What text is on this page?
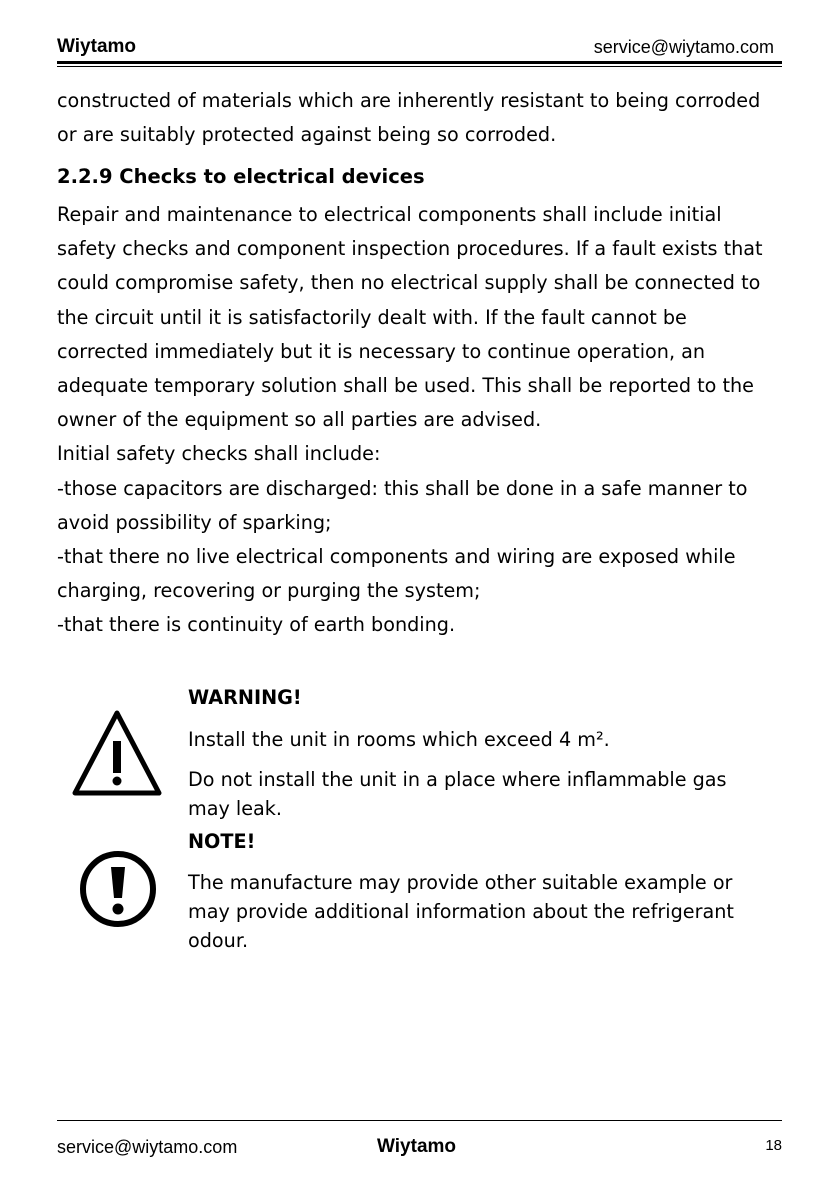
Wiytamo	service@wiytamo.com

constructed of materials which are inherently resistant to being corroded

or are suitably protected against being so corroded.

2.2.9 Checks to electrical devices

Repair and maintenance to electrical components shall include initial

safety checks and component inspection procedures. If a fault exists that

could compromise safety, then no electrical supply shall be connected to

the circuit until it is satisfactorily dealt with. If the fault cannot be

corrected immediately but it is necessary to continue operation, an

adequate temporary solution shall be used. This shall be reported to the

owner of the equipment so all parties are advised.

Initial safety checks shall include:

-those capacitors are discharged: this shall be done in a safe manner to

avoid possibility of sparking;

-that there no live electrical components and wiring are exposed while

charging, recovering or purging the system;

-that there is continuity of earth bonding.

WARNING!

Install the unit in rooms which exceed 4 m².

Do not install the unit in a place where inflammable gas

may leak.

NOTE!

The manufacture may provide other suitable example or

may provide additional information about the refrigerant

odour.

service@wiytamo.com	Wiytamo	18
